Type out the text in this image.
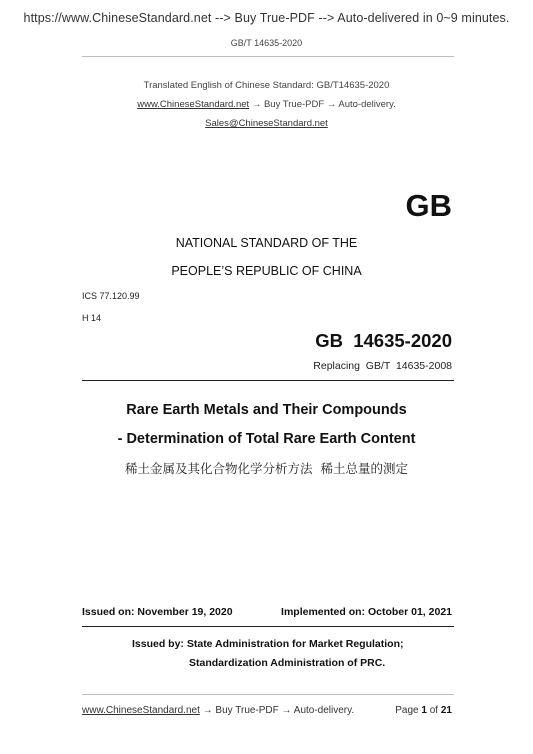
https://www.ChineseStandard.net --> Buy True-PDF --> Auto-delivered in 0~9 minutes.
GB/T 14635-2020
Translated English of Chinese Standard: GB/T14635-2020
www.ChineseStandard.net → Buy True-PDF → Auto-delivery.
Sales@ChineseStandard.net
GB
NATIONAL STANDARD OF THE
PEOPLE’S REPUBLIC OF CHINA
ICS 77.120.99
H 14
GB  14635-2020
Replacing  GB/T  14635-2008
Rare Earth Metals and Their Compounds
- Determination of Total Rare Earth Content
稀土金属及其化合物化学分析方法  稀土总量的测定
Issued on: November 19, 2020	Implemented on: October 01, 2021
Issued by: State Administration for Market Regulation;
Standardization Administration of PRC.
www.ChineseStandard.net → Buy True-PDF → Auto-delivery.	Page 1 of 21
